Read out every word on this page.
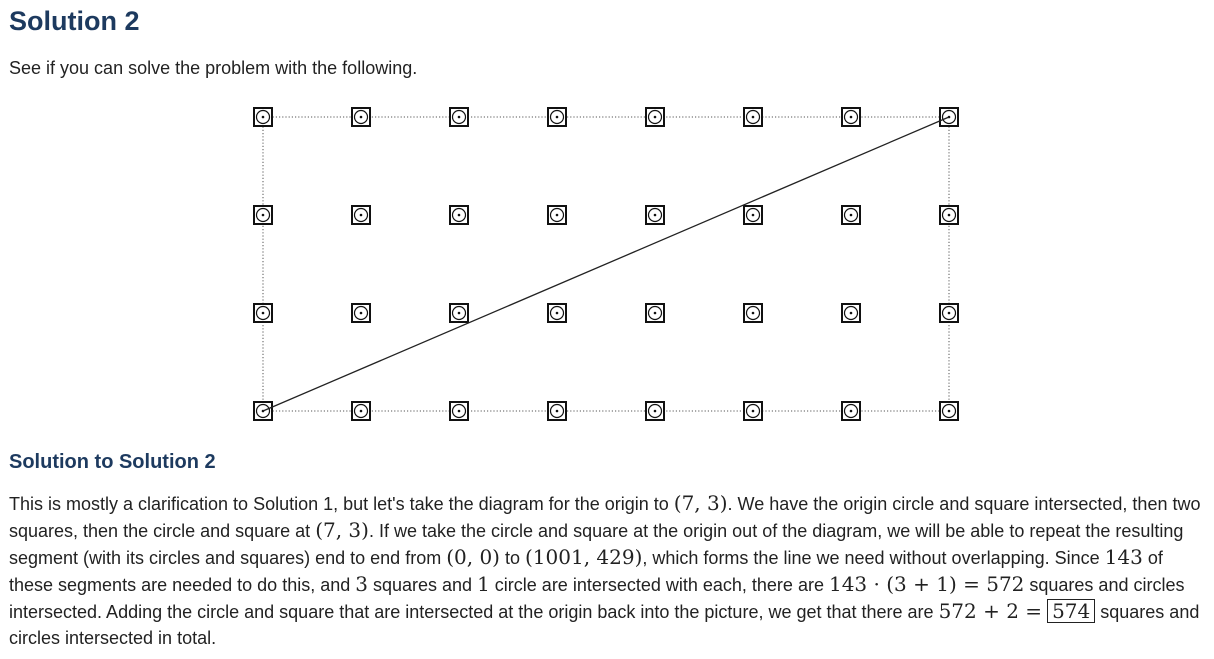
Solution 2

See if you can solve the problem with the following.

Solution to Solution 2

This is mostly a clarification to Solution 1, but let's take the diagram for the origin to (7, 3). We have the origin circle and square intersected, then two squares, then the circle and square at (7, 3). If we take the circle and square at the origin out of the diagram, we will be able to repeat the resulting segment (with its circles and squares) end to end from (0, 0) to (1001, 429), which forms the line we need without overlapping. Since 143 of these segments are needed to do this, and 3 squares and 1 circle are intersected with each, there are 143 · (3 + 1) = 572 squares and circles intersected. Adding the circle and square that are intersected at the origin back into the picture, we get that there are 572 + 2 = 574 squares and circles intersected in total.
